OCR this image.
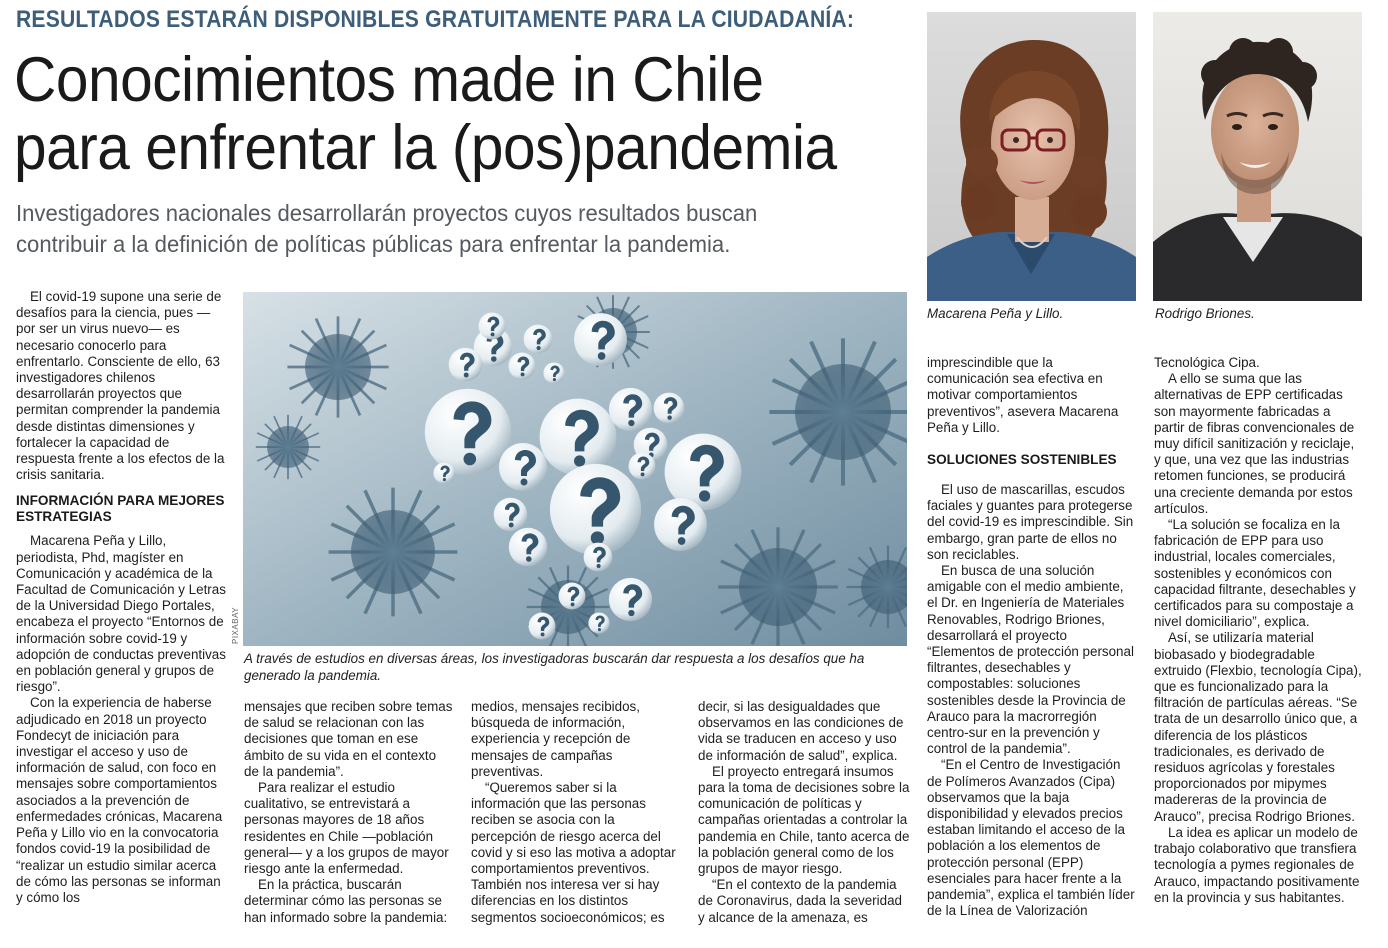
RESULTADOS ESTARÁN DISPONIBLES GRATUITAMENTE PARA LA CIUDADANÍA:
Conocimientos made in Chile
para enfrentar la (pos)pandemia
Investigadores nacionales desarrollarán proyectos cuyos resultados buscan
contribuir a la definición de políticas públicas para enfrentar la pandemia.
Macarena Peña y Lillo.	Rodrigo Briones.
PIXABAY
A través de estudios en diversas áreas, los investigadoras buscarán dar respuesta a los desafíos que ha generado la pandemia.

El covid-19 supone una serie de desafíos para la ciencia, pues —por ser un virus nuevo— es necesario conocerlo para enfrentarlo. Consciente de ello, 63 investigadores chilenos desarrollarán proyectos que permitan comprender la pandemia desde distintas dimensiones y fortalecer la capacidad de respuesta frente a los efectos de la crisis sanitaria.

INFORMACIÓN PARA MEJORES ESTRATEGIAS

Macarena Peña y Lillo, periodista, Phd, magíster en Comunicación y académica de la Facultad de Comunicación y Letras de la Universidad Diego Portales, encabeza el proyecto “Entornos de información sobre covid-19 y adopción de conductas preventivas en población general y grupos de riesgo”.

Con la experiencia de haberse adjudicado en 2018 un proyecto Fondecyt de iniciación para investigar el acceso y uso de información de salud, con foco en mensajes sobre comportamientos asociados a la prevención de enfermedades crónicas, Macarena Peña y Lillo vio en la convocatoria fondos covid-19 la posibilidad de “realizar un estudio similar acerca de cómo las personas se informan y cómo los

mensajes que reciben sobre temas de salud se relacionan con las decisiones que toman en ese ámbito de su vida en el contexto de la pandemia”.

Para realizar el estudio cualitativo, se entrevistará a personas mayores de 18 años residentes en Chile —población general— y a los grupos de mayor riesgo ante la enfermedad.

En la práctica, buscarán determinar cómo las personas se han informado sobre la pandemia:

medios, mensajes recibidos, búsqueda de información, experiencia y recepción de mensajes de campañas preventivas.

“Queremos saber si la información que las personas reciben se asocia con la percepción de riesgo acerca del covid y si eso las motiva a adoptar comportamientos preventivos. También nos interesa ver si hay diferencias en los distintos segmentos socioeconómicos; es

decir, si las desigualdades que observamos en las condiciones de vida se traducen en acceso y uso de información de salud”, explica.

El proyecto entregará insumos para la toma de decisiones sobre la comunicación de políticas y campañas orientadas a controlar la pandemia en Chile, tanto acerca de la población general como de los grupos de mayor riesgo.

“En el contexto de la pandemia de Coronavirus, dada la severidad y alcance de la amenaza, es

imprescindible que la comunicación sea efectiva en motivar comportamientos preventivos”, asevera Macarena Peña y Lillo.

SOLUCIONES SOSTENIBLES

El uso de mascarillas, escudos faciales y guantes para protegerse del covid-19 es imprescindible. Sin embargo, gran parte de ellos no son reciclables.

En busca de una solución amigable con el medio ambiente, el Dr. en Ingeniería de Materiales Renovables, Rodrigo Briones, desarrollará el proyecto “Elementos de protección personal filtrantes, desechables y compostables: soluciones sostenibles desde la Provincia de Arauco para la macrorregión centro-sur en la prevención y control de la pandemia”.

“En el Centro de Investigación de Polímeros Avanzados (Cipa) observamos que la baja disponibilidad y elevados precios estaban limitando el acceso de la población a los elementos de protección personal (EPP) esenciales para hacer frente a la pandemia”, explica el también líder de la Línea de Valorización

Tecnológica Cipa.

A ello se suma que las alternativas de EPP certificadas son mayormente fabricadas a partir de fibras convencionales de muy difícil sanitización y reciclaje, y que, una vez que las industrias retomen funciones, se producirá una creciente demanda por estos artículos.

“La solución se focaliza en la fabricación de EPP para uso industrial, locales comerciales, sostenibles y económicos con capacidad filtrante, desechables y certificados para su compostaje a nivel domiciliario”, explica.

Así, se utilizaría material biobasado y biodegradable extruido (Flexbio, tecnología Cipa), que es funcionalizado para la filtración de partículas aéreas. “Se trata de un desarrollo único que, a diferencia de los plásticos tradicionales, es derivado de residuos agrícolas y forestales proporcionados por mipymes madereras de la provincia de Arauco”, precisa Rodrigo Briones.

La idea es aplicar un modelo de trabajo colaborativo que transfiera tecnología a pymes regionales de Arauco, impactando positivamente en la provincia y sus habitantes.
